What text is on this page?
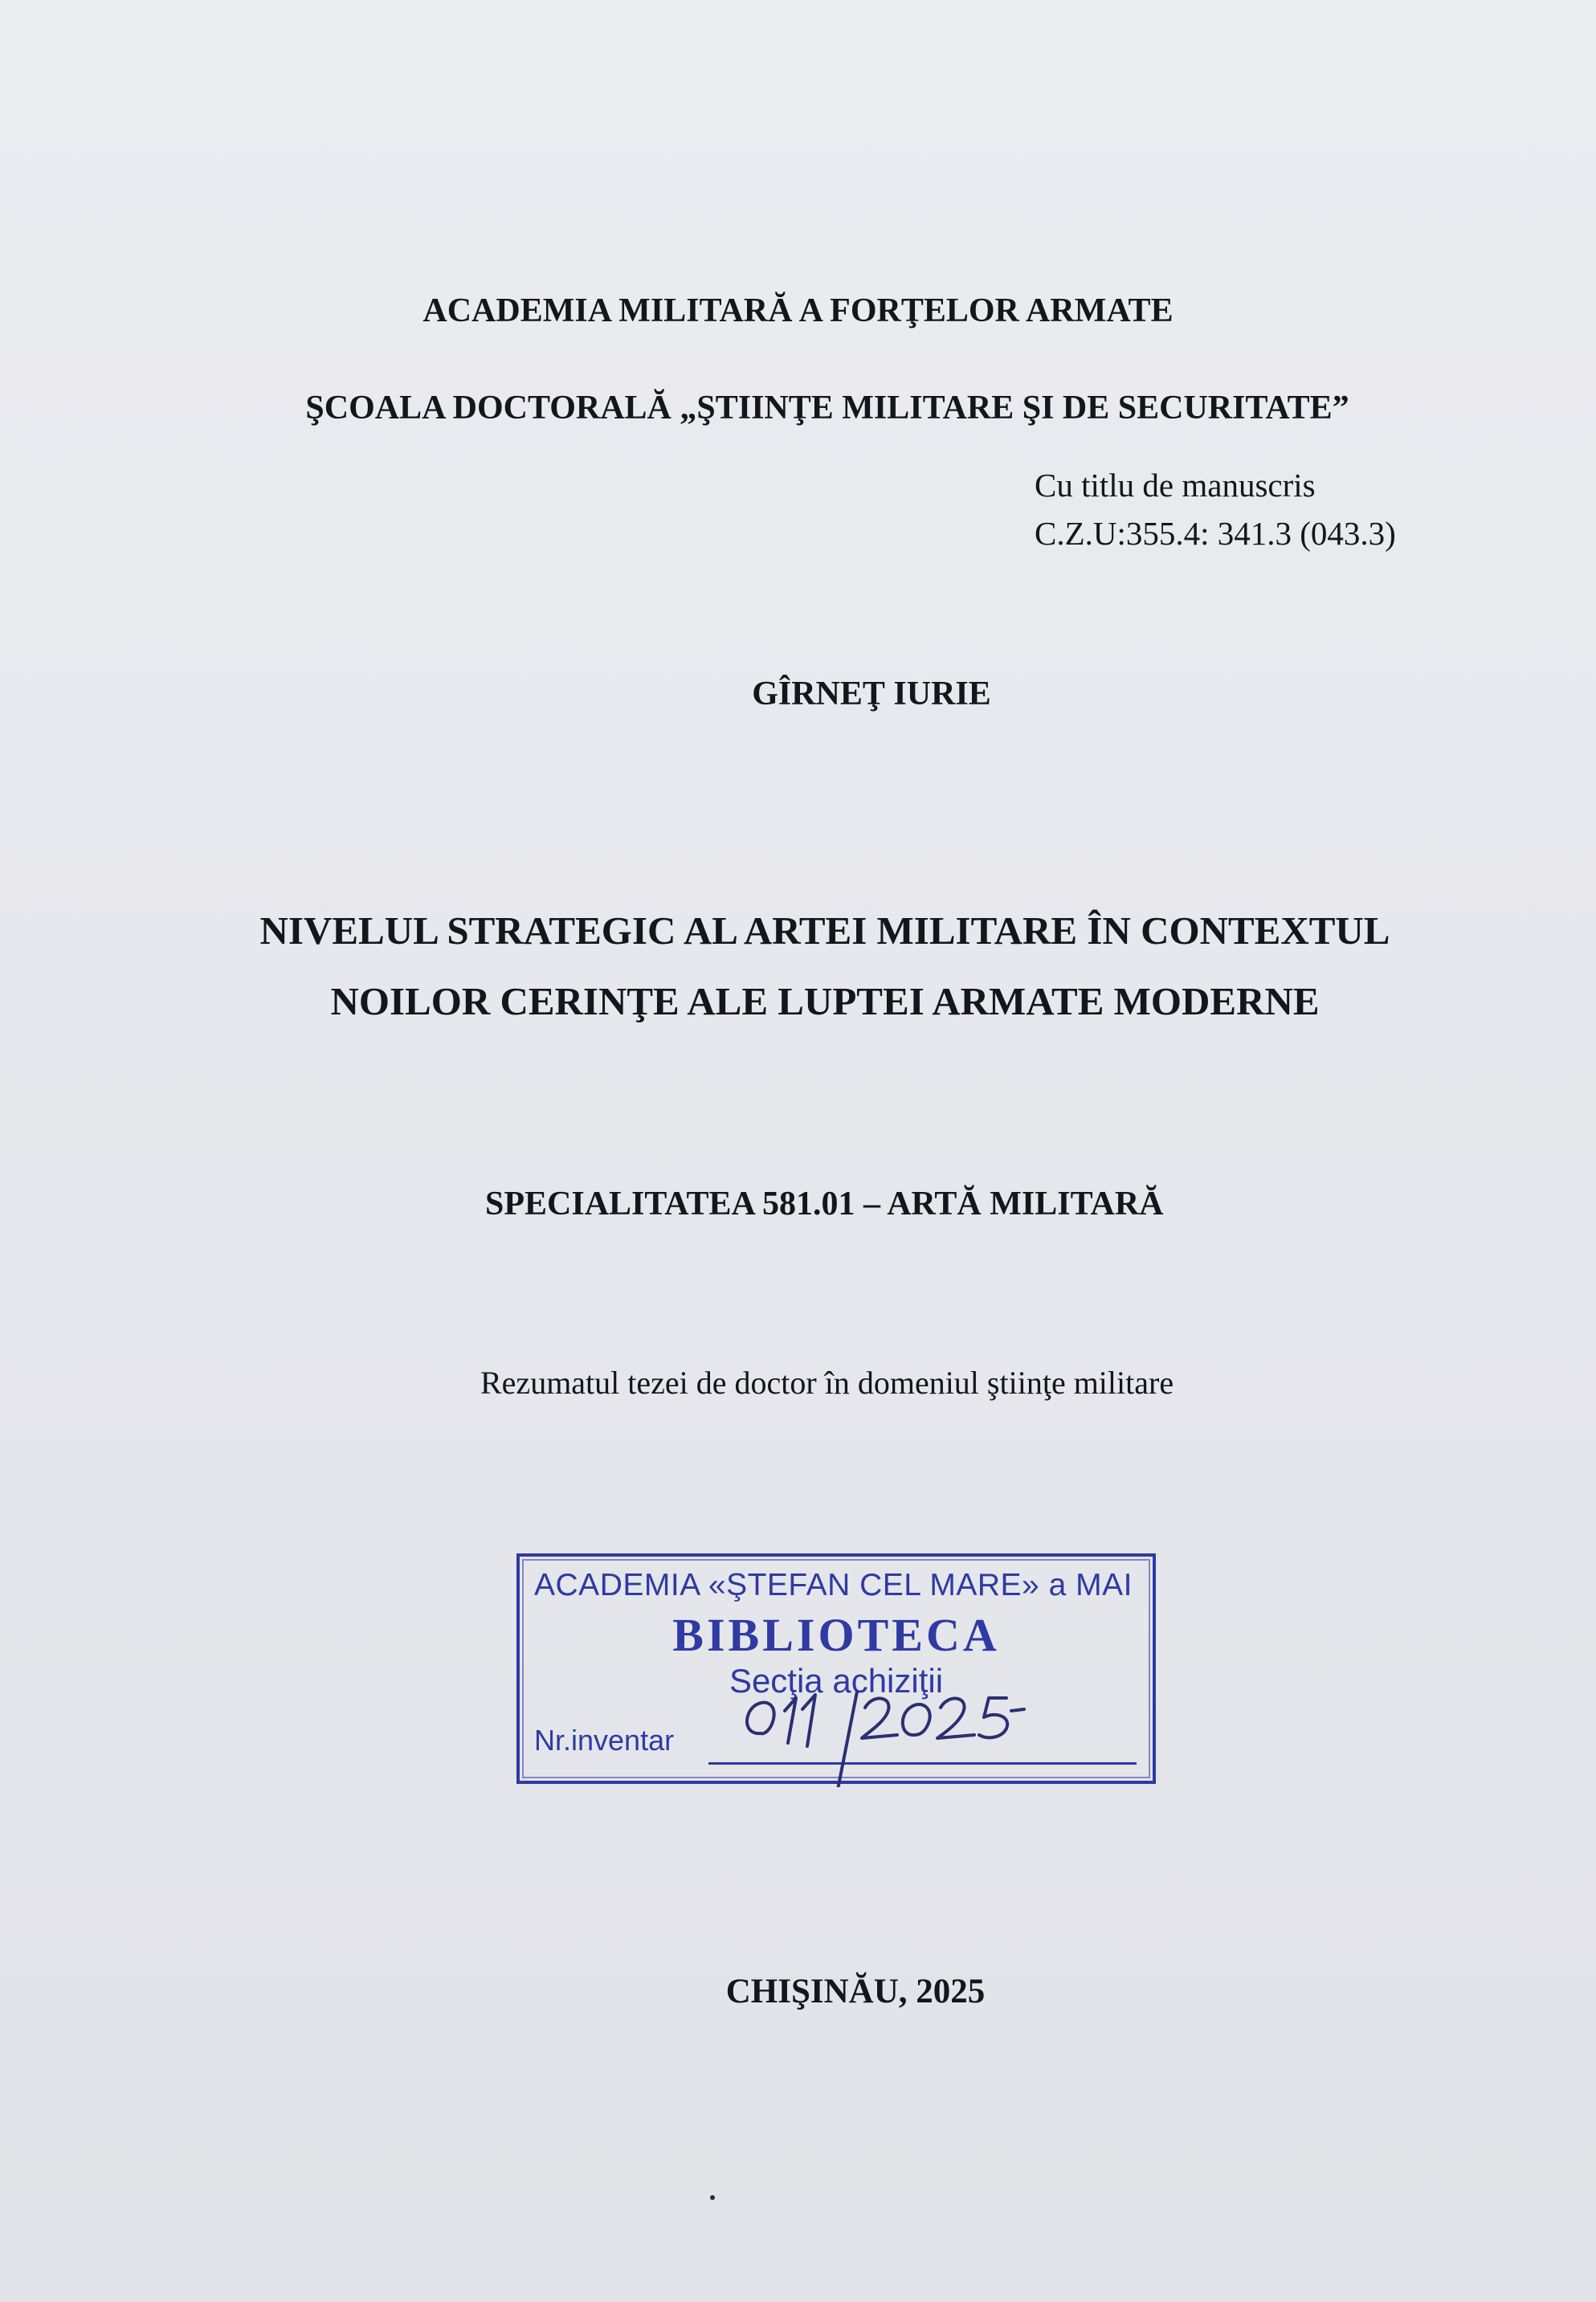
ACADEMIA MILITARĂ A FORŢELOR ARMATE
ŞCOALA DOCTORALĂ „ŞTIINŢE MILITARE ŞI DE SECURITATE”
Cu titlu de manuscris
C.Z.U:355.4: 341.3 (043.3)
GÎRNEŢ IURIE
NIVELUL STRATEGIC AL ARTEI MILITARE ÎN CONTEXTUL
NOILOR CERINŢE ALE LUPTEI ARMATE MODERNE
SPECIALITATEA 581.01 – ARTĂ MILITARĂ
Rezumatul tezei de doctor în domeniul ştiinţe militare
ACADEMIA «ŞTEFAN CEL MARE» a MAI
BIBLIOTECA
Secţia achiziţii
Nr.inventar
CHIŞINĂU, 2025
